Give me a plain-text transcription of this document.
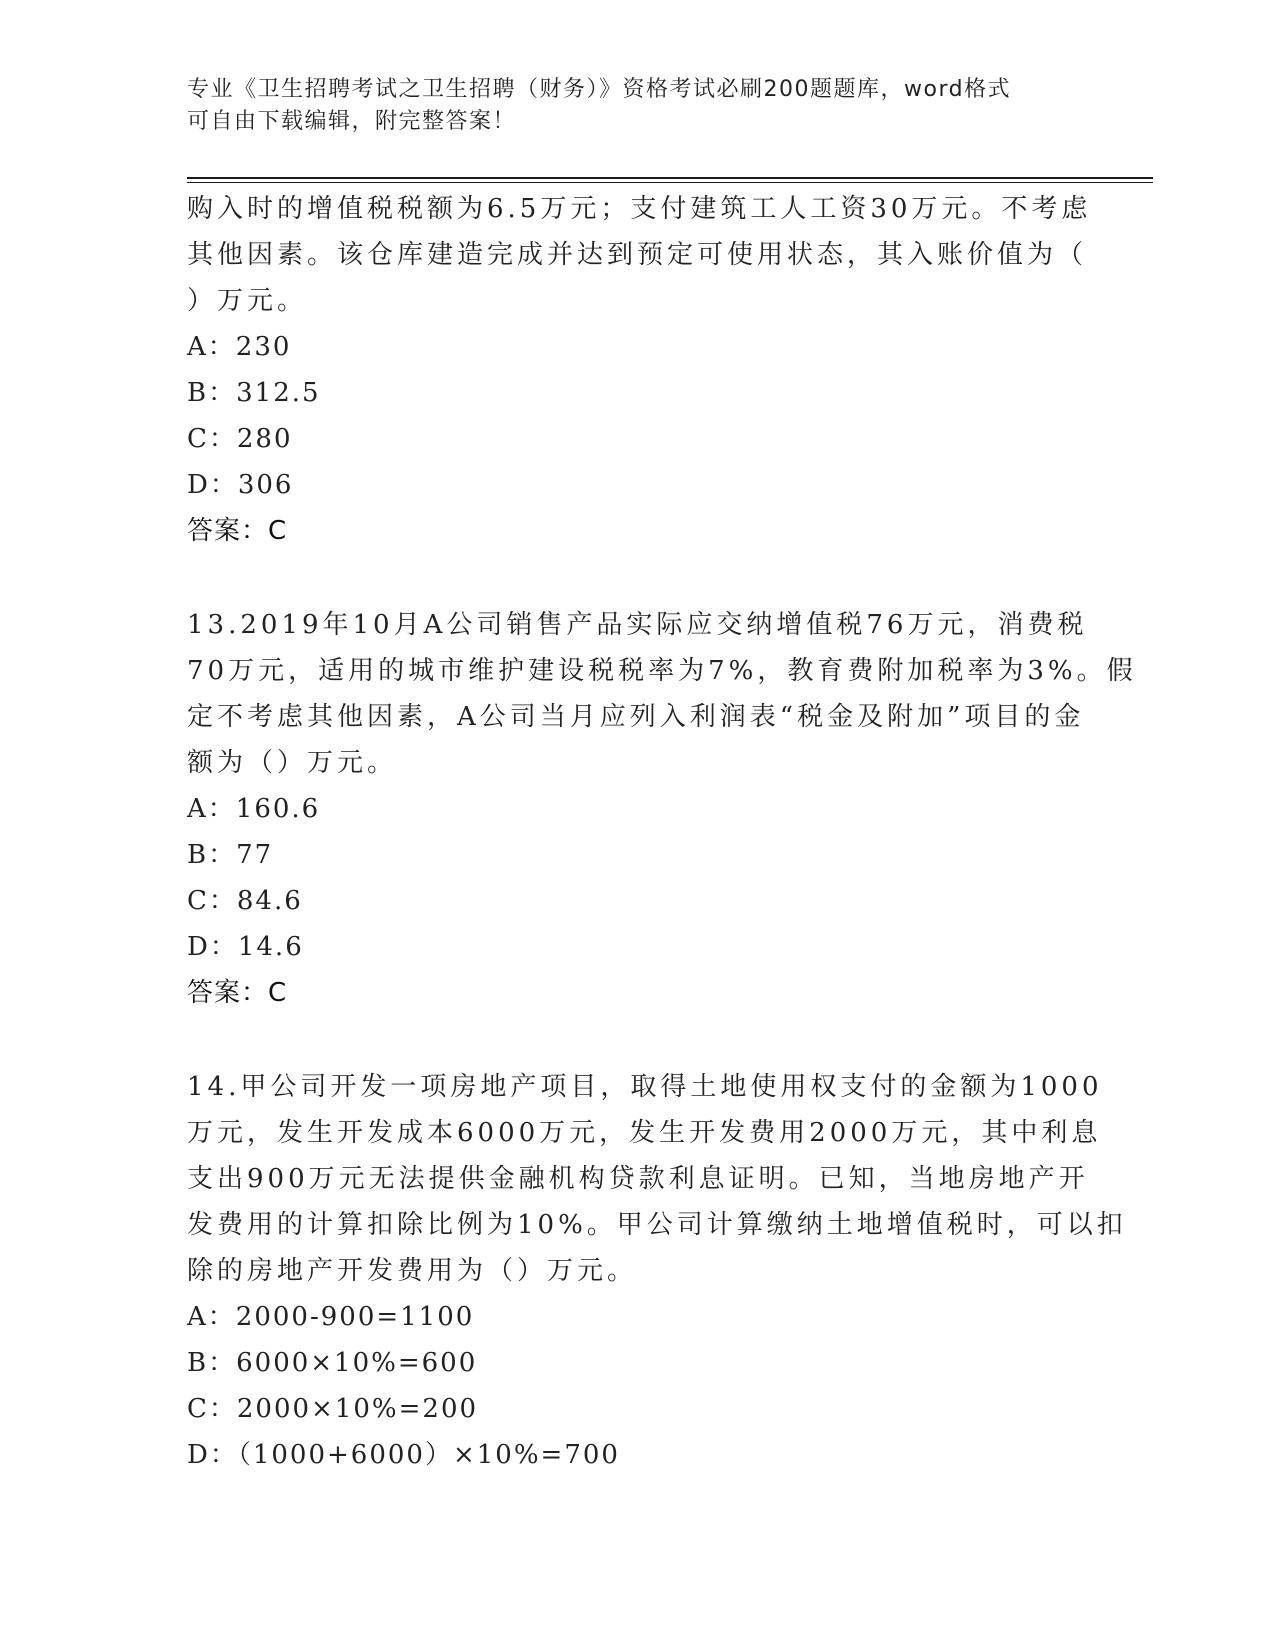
专业《卫生招聘考试之卫生招聘（财务）》资格考试必刷200题题库，word格式
可自由下载编辑，附完整答案！
购入时的增值税税额为6.5万元；支付建筑工人工资30万元。不考虑
其他因素。该仓库建造完成并达到预定可使用状态，其入账价值为（
）万元。
A：230
B：312.5
C：280
D：306
答案：C
13.2019年10月A公司销售产品实际应交纳增值税76万元，消费税
70万元，适用的城市维护建设税税率为7%，教育费附加税率为3%。假
定不考虑其他因素，A公司当月应列入利润表“税金及附加”项目的金
额为（）万元。
A：160.6
B：77
C：84.6
D：14.6
答案：C
14.甲公司开发一项房地产项目，取得土地使用权支付的金额为1000
万元，发生开发成本6000万元，发生开发费用2000万元，其中利息
支出900万元无法提供金融机构贷款利息证明。已知，当地房地产开
发费用的计算扣除比例为10%。甲公司计算缴纳土地增值税时，可以扣
除的房地产开发费用为（）万元。
A：2000-900=1100
B：6000×10%=600
C：2000×10%=200
D：（1000+6000）×10%=700
